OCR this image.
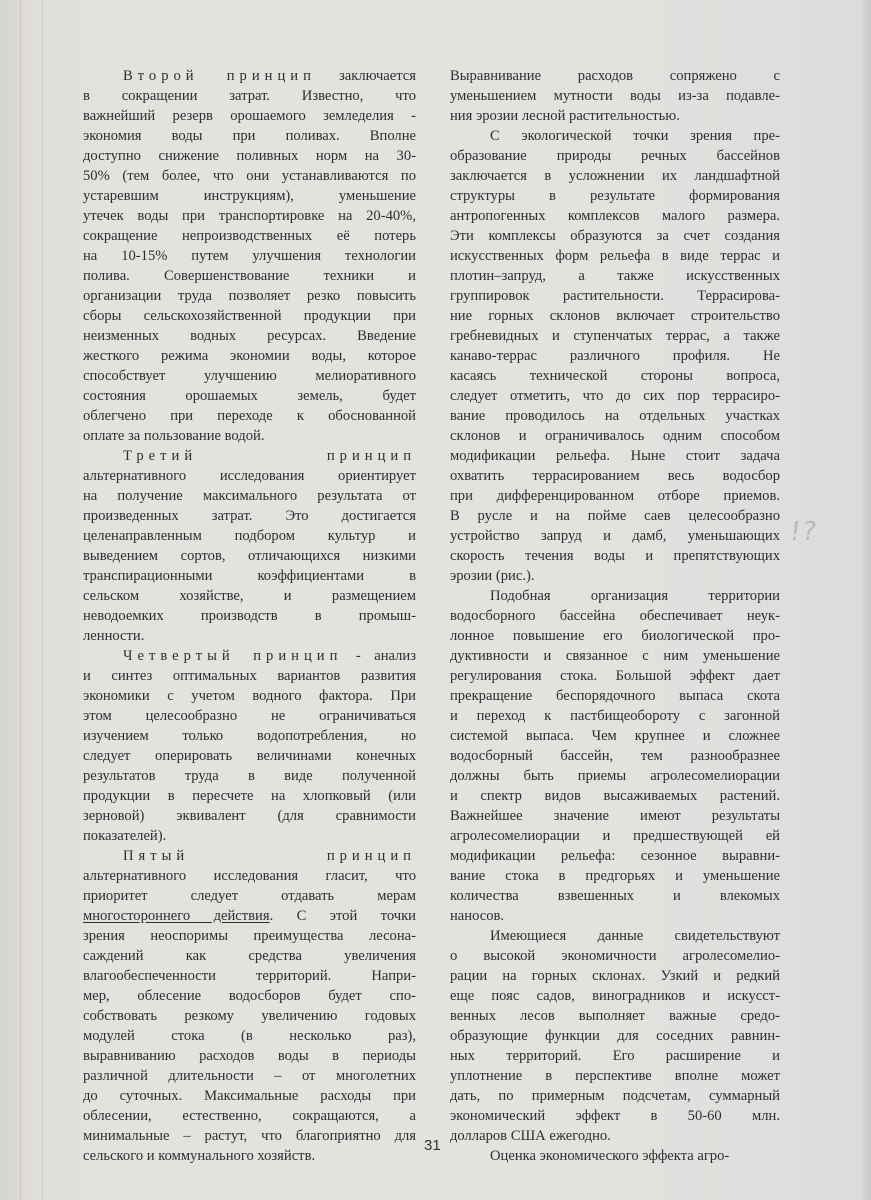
Второй принцип заключается
в сокращении затрат. Известно, что
важнейший резерв орошаемого земледелия -
экономия воды при поливах. Вполне
доступно снижение поливных норм на 30-
50% (тем более, что они устанавливаются по
устаревшим инструкциям), уменьшение
утечек воды при транспортировке на 20-40%,
сокращение непроизводственных её потерь
на 10-15% путем улучшения технологии
полива. Совершенствование техники и
организации труда позволяет резко повысить
сборы сельскохозяйственной продукции при
неизменных водных ресурсах. Введение
жесткого режима экономии воды, которое
способствует улучшению мелиоративного
состояния орошаемых земель, будет
облегчено при переходе к обоснованной
оплате за пользование водой.
Третий принцип
альтернативного исследования ориентирует
на получение максимального результата от
произведенных затрат. Это достигается
целенаправленным подбором культур и
выведением сортов, отличающихся низкими
транспирационными коэффициентами в
сельском хозяйстве, и размещением
неводоемких производств в промыш-
ленности.
Четвертый принцип - анализ
и синтез оптимальных вариантов развития
экономики с учетом водного фактора. При
этом целесообразно не ограничиваться
изучением только водопотребления, но
следует оперировать величинами конечных
результатов труда в виде полученной
продукции в пересчете на хлопковый (или
зерновой) эквивалент (для сравнимости
показателей).
Пятый принцип
альтернативного исследования гласит, что
приоритет следует отдавать мерам
многостороннего действия. С этой точки
зрения неоспоримы преимущества лесона-
саждений как средства увеличения
влагообеспеченности территорий. Напри-
мер, облесение водосборов будет спо-
собствовать резкому увеличению годовых
модулей стока (в несколько раз),
выравниванию расходов воды в периоды
различной длительности – от многолетних
до суточных. Максимальные расходы при
облесении, естественно, сокращаются, а
минимальные – растут, что благоприятно для
сельского и коммунального хозяйств.
Выравнивание расходов сопряжено с
уменьшением мутности воды из-за подавле-
ния эрозии лесной растительностью.
С экологической точки зрения пре-
образование природы речных бассейнов
заключается в усложнении их ландшафтной
структуры в результате формирования
антропогенных комплексов малого размера.
Эти комплексы образуются за счет создания
искусственных форм рельефа в виде террас и
плотин–запруд, а также искусственных
группировок растительности. Террасирова-
ние горных склонов включает строительство
гребневидных и ступенчатых террас, а также
канаво-террас различного профиля. Не
касаясь технической стороны вопроса,
следует отметить, что до сих пор террасиро-
вание проводилось на отдельных участках
склонов и ограничивалось одним способом
модификации рельефа. Ныне стоит задача
охватить террасированием весь водосбор
при дифференцированном отборе приемов.
В русле и на пойме саев целесообразно
устройство запруд и дамб, уменьшающих
скорость течения воды и препятствующих
эрозии (рис.).
Подобная организация территории
водосборного бассейна обеспечивает неук-
лонное повышение его биологической про-
дуктивности и связанное с ним уменьшение
регулирования стока. Большой эффект дает
прекращение беспорядочного выпаса скота
и переход к пастбищеобороту с загонной
системой выпаса. Чем крупнее и сложнее
водосборный бассейн, тем разнообразнее
должны быть приемы агролесомелиорации
и спектр видов высаживаемых растений.
Важнейшее значение имеют результаты
агролесомелиорации и предшествующей ей
модификации рельефа: сезонное выравни-
вание стока в предгорьях и уменьшение
количества взвешенных и влекомых
наносов.
Имеющиеся данные свидетельствуют
о высокой экономичности агролесомелио-
рации на горных склонах. Узкий и редкий
еще пояс садов, виноградников и искусст-
венных лесов выполняет важные средо-
образующие функции для соседних равнин-
ных территорий. Его расширение и
уплотнение в перспективе вполне может
дать, по примерным подсчетам, суммарный
экономический эффект в 50-60 млн.
долларов США ежегодно.
Оценка экономического эффекта агро-
!?
31
